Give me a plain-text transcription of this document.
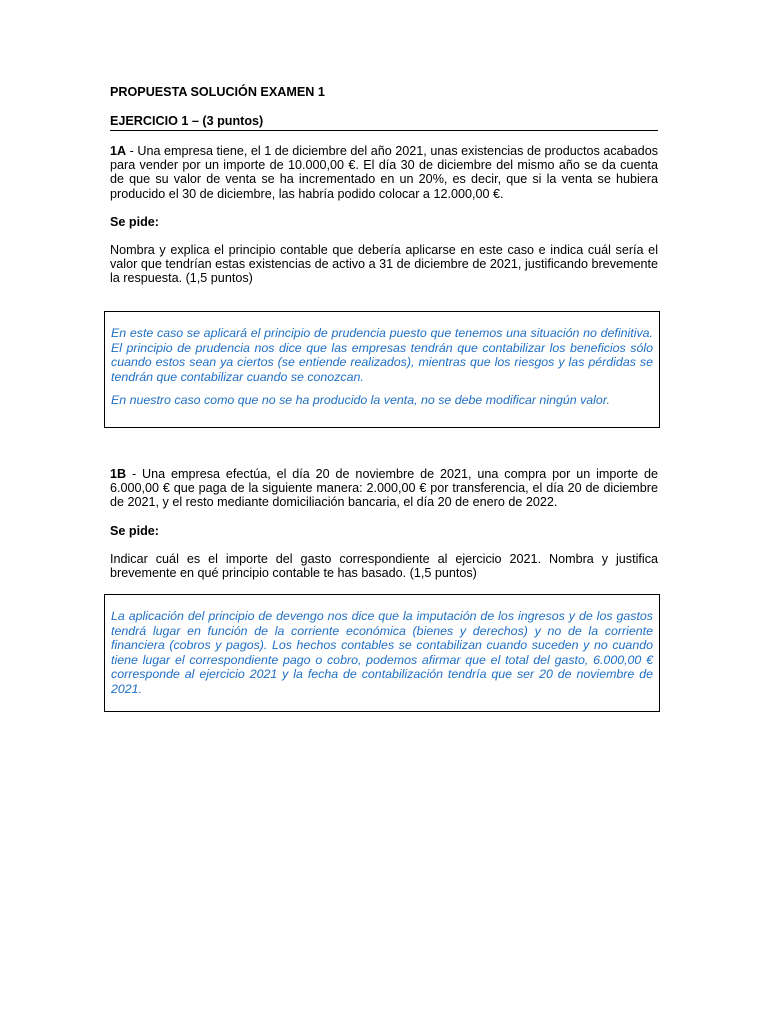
PROPUESTA SOLUCIÓN EXAMEN 1

EJERCICIO 1 – (3 puntos)

1A - Una empresa tiene, el 1 de diciembre del año 2021, unas existencias de productos acabados para vender por un importe de 10.000,00 €. El día 30 de diciembre del mismo año se da cuenta de que su valor de venta se ha incrementado en un 20%, es decir, que si la venta se hubiera producido el 30 de diciembre, las habría podido colocar a 12.000,00 €.

Se pide:

Nombra y explica el principio contable que debería aplicarse en este caso e indica cuál sería el valor que tendrían estas existencias de activo a 31 de diciembre de 2021, justificando brevemente la respuesta. (1,5 puntos)

En este caso se aplicará el principio de prudencia puesto que tenemos una situación no definitiva. El principio de prudencia nos dice que las empresas tendrán que contabilizar los beneficios sólo cuando estos sean ya ciertos (se entiende realizados), mientras que los riesgos y las pérdidas se tendrán que contabilizar cuando se conozcan.

En nuestro caso como que no se ha producido la venta, no se debe modificar ningún valor.

1B - Una empresa efectúa, el día 20 de noviembre de 2021, una compra por un importe de 6.000,00 € que paga de la siguiente manera: 2.000,00 € por transferencia, el día 20 de diciembre de 2021, y el resto mediante domiciliación bancaria, el día 20 de enero de 2022.

Se pide:

Indicar cuál es el importe del gasto correspondiente al ejercicio 2021. Nombra y justifica brevemente en qué principio contable te has basado. (1,5 puntos)

La aplicación del principio de devengo nos dice que la imputación de los ingresos y de los gastos tendrá lugar en función de la corriente económica (bienes y derechos) y no de la corriente financiera (cobros y pagos). Los hechos contables se contabilizan cuando suceden y no cuando tiene lugar el correspondiente pago o cobro, podemos afirmar que el total del gasto, 6.000,00 € corresponde al ejercicio 2021 y la fecha de contabilización tendría que ser 20 de noviembre de 2021.
